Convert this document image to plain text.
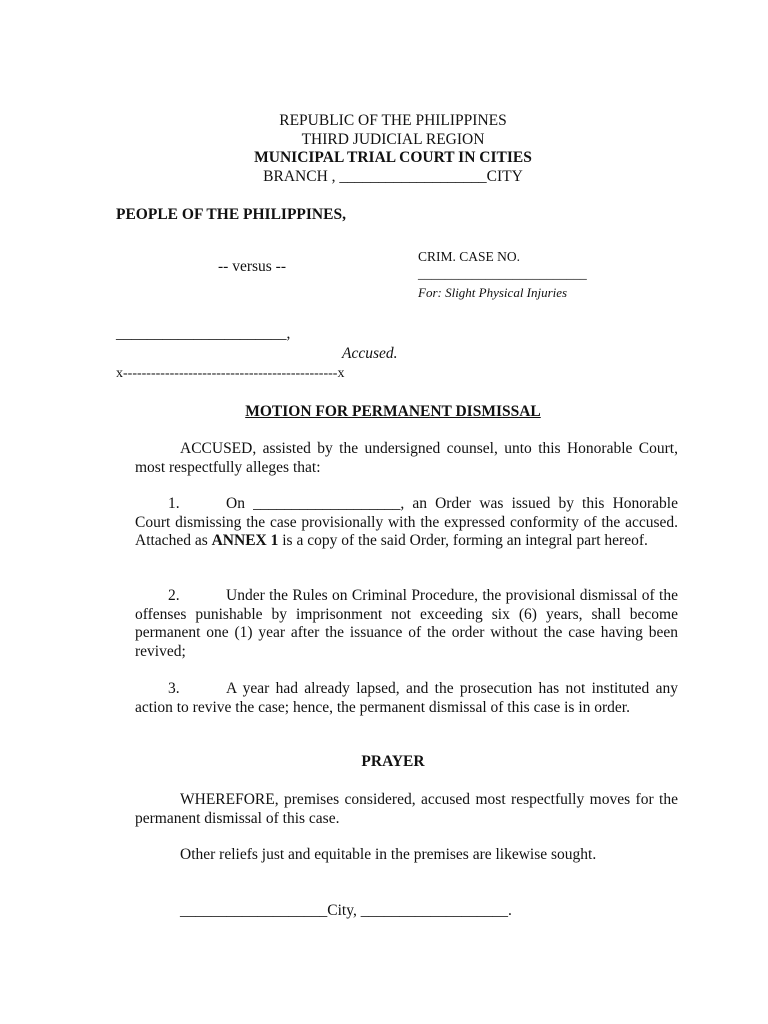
REPUBLIC OF THE PHILIPPINES
THIRD JUDICIAL REGION
MUNICIPAL TRIAL COURT IN CITIES
BRANCH , ___________________CITY
PEOPLE OF THE PHILIPPINES,
-- versus --
CRIM. CASE NO.
_________________________
For: Slight Physical Injuries
______________________,
Accused.
x----------------------------------------------x
MOTION FOR PERMANENT DISMISSAL

ACCUSED, assisted by the undersigned counsel, unto this Honorable Court, most respectfully alleges that:

1.	On ___________________, an Order was issued by this Honorable Court dismissing the case provisionally with the expressed conformity of the accused. Attached as ANNEX 1 is a copy of the said Order, forming an integral part hereof.

2.	Under the Rules on Criminal Procedure, the provisional dismissal of the offenses punishable by imprisonment not exceeding six (6) years, shall become permanent one (1) year after the issuance of the order without the case having been revived;

3.	A year had already lapsed, and the prosecution has not instituted any action to revive the case; hence, the permanent dismissal of this case is in order.

PRAYER

WHEREFORE, premises considered, accused most respectfully moves for the permanent dismissal of this case.

Other reliefs just and equitable in the premises are likewise sought.

___________________City, ___________________.
